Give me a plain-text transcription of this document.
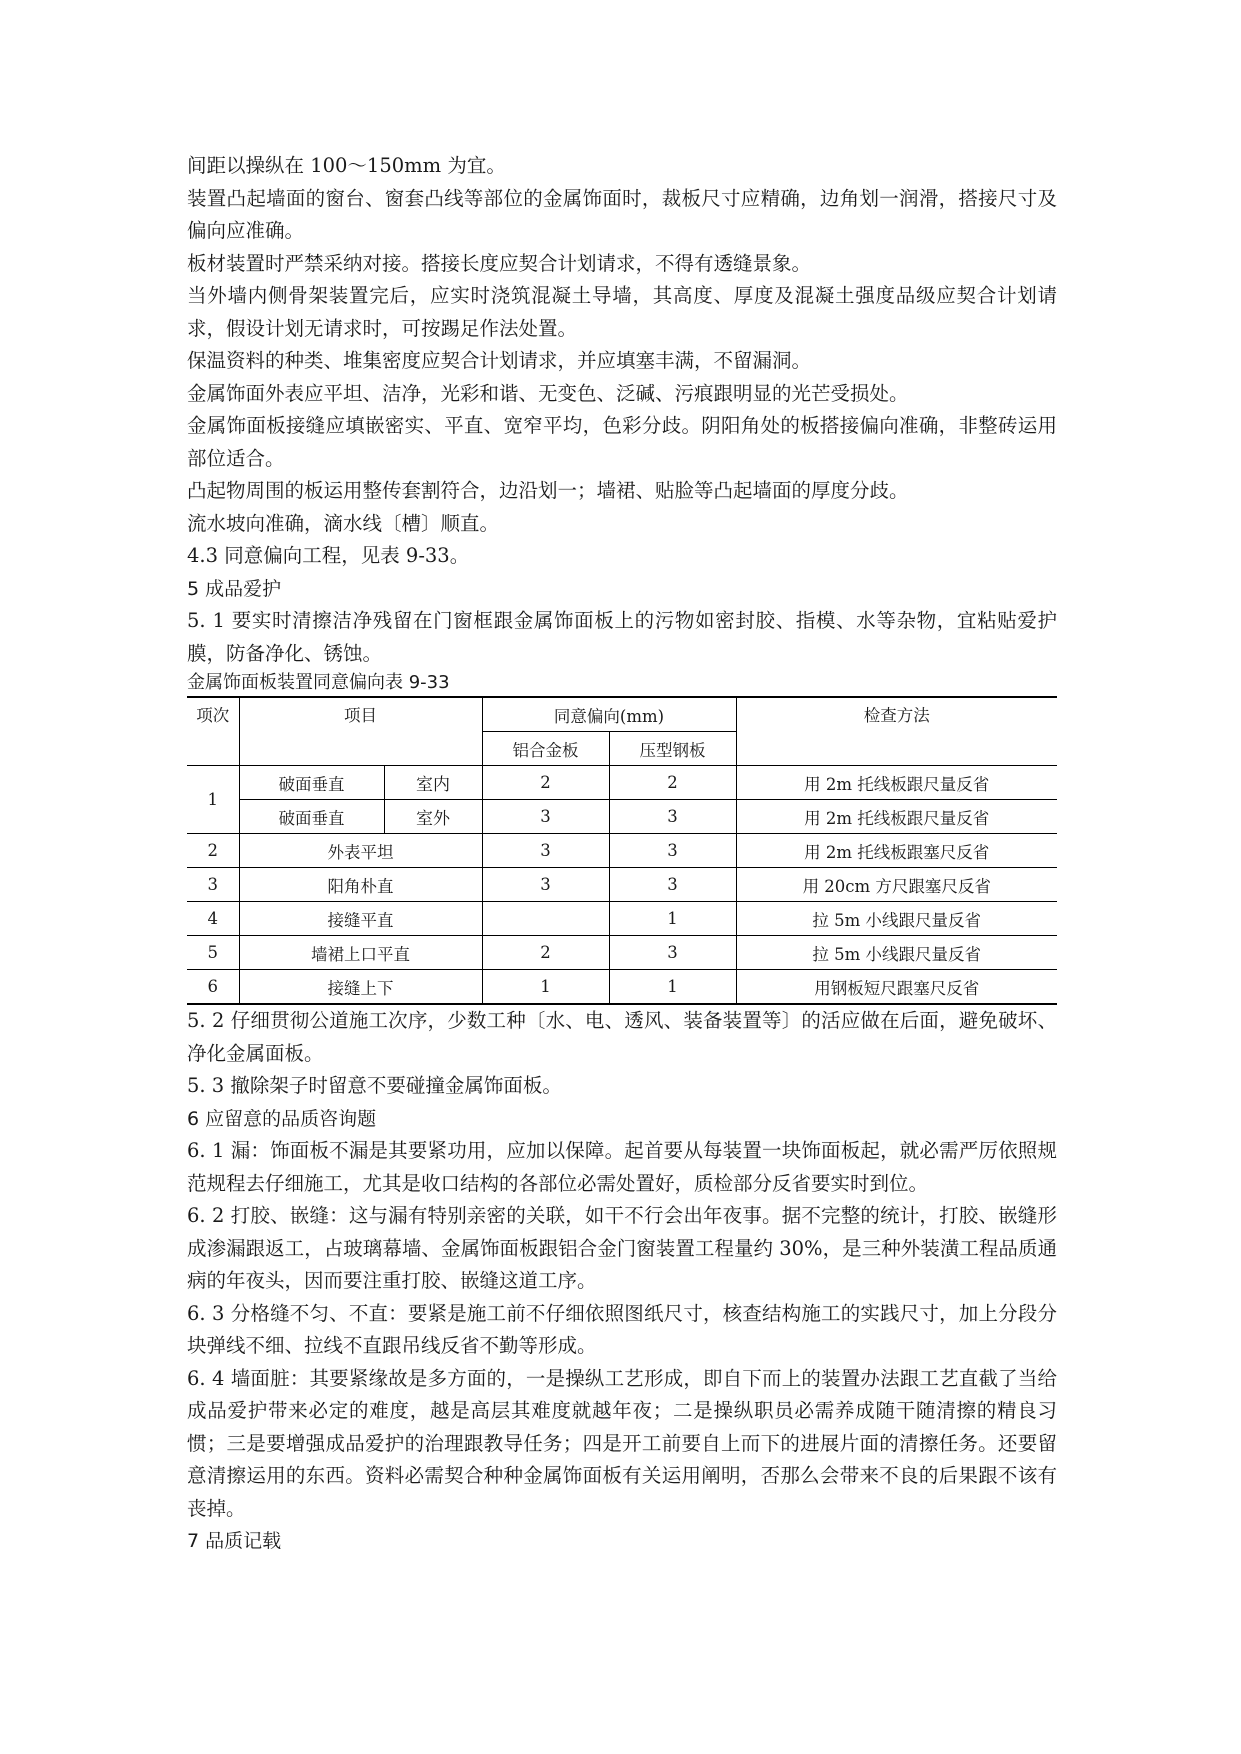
间距以操纵在 100～150mm 为宜。

装置凸起墙面的窗台、窗套凸线等部位的金属饰面时，裁板尺寸应精确，边角划一润滑，搭接尺寸及偏向应准确。

板材装置时严禁采纳对接。搭接长度应契合计划请求，不得有透缝景象。

当外墙内侧骨架装置完后，应实时浇筑混凝土导墙，其高度、厚度及混凝土强度品级应契合计划请求，假设计划无请求时，可按踢足作法处置。

保温资料的种类、堆集密度应契合计划请求，并应填塞丰满，不留漏洞。

金属饰面外表应平坦、洁净，光彩和谐、无变色、泛碱、污痕跟明显的光芒受损处。

金属饰面板接缝应填嵌密实、平直、宽窄平均，色彩分歧。阴阳角处的板搭接偏向准确，非整砖运用部位适合。

凸起物周围的板运用整传套割符合，边沿划一；墙裙、贴脸等凸起墙面的厚度分歧。

流水坡向准确，滴水线〔槽〕顺直。

4.3 同意偏向工程，见表 9-33。

5 成品爱护

5. 1 要实时清擦洁净残留在门窗框跟金属饰面板上的污物如密封胶、指模、水等杂物，宜粘贴爱护膜，防备净化、锈蚀。

金属饰面板装置同意偏向表 9-33

项次	项目		同意偏向(mm)		检查方法
			铝合金板	压型钢板	
1	破面垂直	室内	2	2	用 2m 托线板跟尺量反省
	破面垂直	室外	3	3	用 2m 托线板跟尺量反省
2	外表平坦		3	3	用 2m 托线板跟塞尺反省
3	阳角朴直		3	3	用 20cm 方尺跟塞尺反省
4	接缝平直			1	拉 5m 小线跟尺量反省
5	墙裙上口平直		2	3	拉 5m 小线跟尺量反省
6	接缝上下		1	1	用钢板短尺跟塞尺反省

5. 2 仔细贯彻公道施工次序，少数工种〔水、电、透风、装备装置等〕的活应做在后面，避免破坏、净化金属面板。

5. 3 撤除架子时留意不要碰撞金属饰面板。

6 应留意的品质咨询题

6. 1 漏：饰面板不漏是其要紧功用，应加以保障。起首要从每装置一块饰面板起，就必需严厉依照规范规程去仔细施工，尤其是收口结构的各部位必需处置好，质检部分反省要实时到位。

6. 2 打胶、嵌缝：这与漏有特别亲密的关联，如干不行会出年夜事。据不完整的统计，打胶、嵌缝形成渗漏跟返工，占玻璃幕墙、金属饰面板跟铝合金门窗装置工程量约 30%，是三种外装潢工程品质通病的年夜头，因而要注重打胶、嵌缝这道工序。

6. 3 分格缝不匀、不直：要紧是施工前不仔细依照图纸尺寸，核查结构施工的实践尺寸，加上分段分块弹线不细、拉线不直跟吊线反省不勤等形成。

6. 4 墙面脏：其要紧缘故是多方面的，一是操纵工艺形成，即自下而上的装置办法跟工艺直截了当给成品爱护带来必定的难度，越是高层其难度就越年夜；二是操纵职员必需养成随干随清擦的精良习惯；三是要增强成品爱护的治理跟教导任务；四是开工前要自上而下的进展片面的清擦任务。还要留意清擦运用的东西。资料必需契合种种金属饰面板有关运用阐明，否那么会带来不良的后果跟不该有丧掉。

7 品质记载
